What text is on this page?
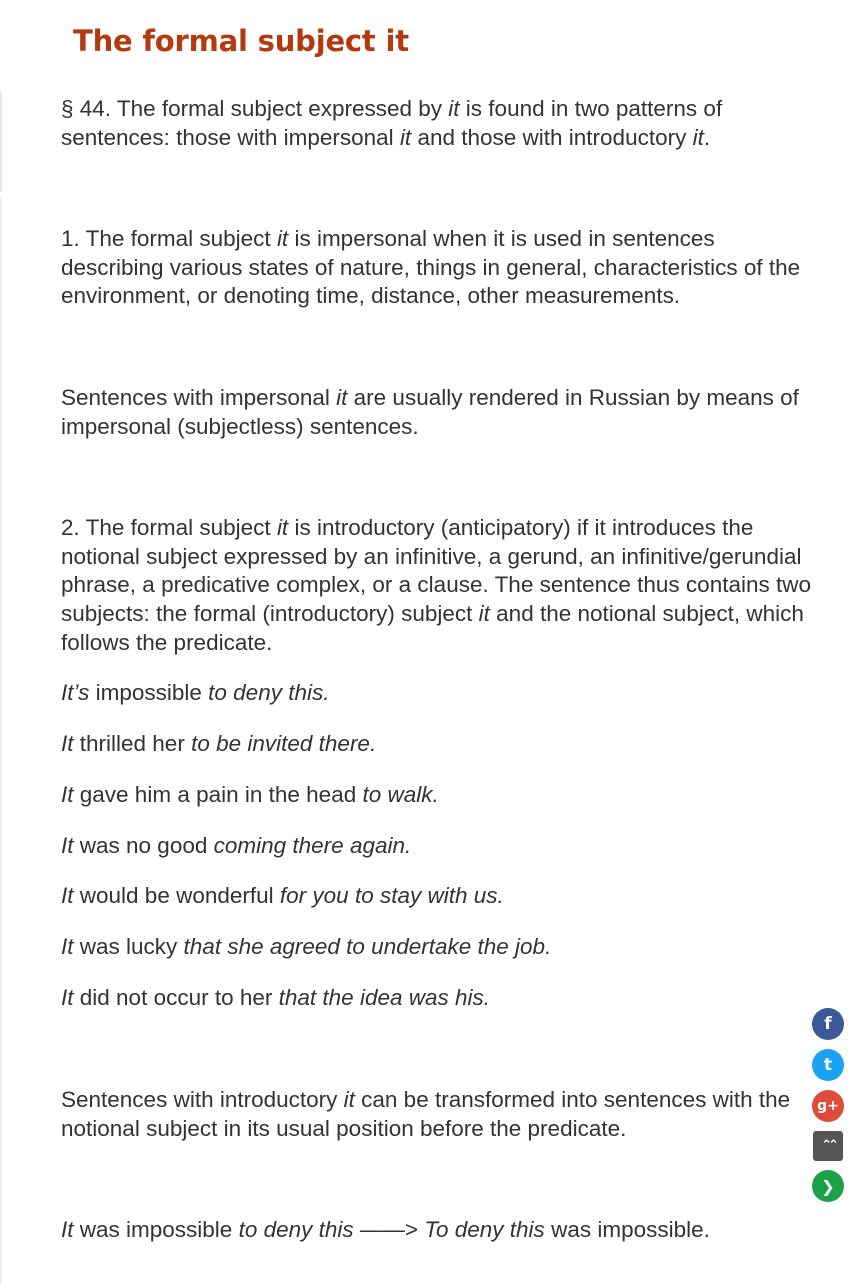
The formal subject it

§ 44. The formal subject expressed by it is found in two patterns of sentences: those with impersonal it and those with introductory it.

1. The formal subject it is impersonal when it is used in sentences describing various states of nature, things in general, characteristics of the environment, or denoting time, distance, other measurements.

Sentences with impersonal it are usually rendered in Russian by means of impersonal (subjectless) sentences.

2. The formal subject it is introductory (anticipatory) if it introduces the notional subject expressed by an infinitive, a gerund, an infinitive/gerundial phrase, a predicative complex, or a clause. The sentence thus contains two subjects: the formal (introductory) subject it and the notional subject, which follows the predicate.

It’s impossible to deny this.

It thrilled her to be invited there.

It gave him a pain in the head to walk.

It was no good coming there again.

It would be wonderful for you to stay with us.

It was lucky that she agreed to undertake the job.

It did not occur to her that the idea was his.

Sentences with introductory it can be transformed into sentences with the notional subject in its usual position before the predicate.

It was impossible to deny this ——> To deny this was impossible.

f
t
g+
⌃⌃
❯
